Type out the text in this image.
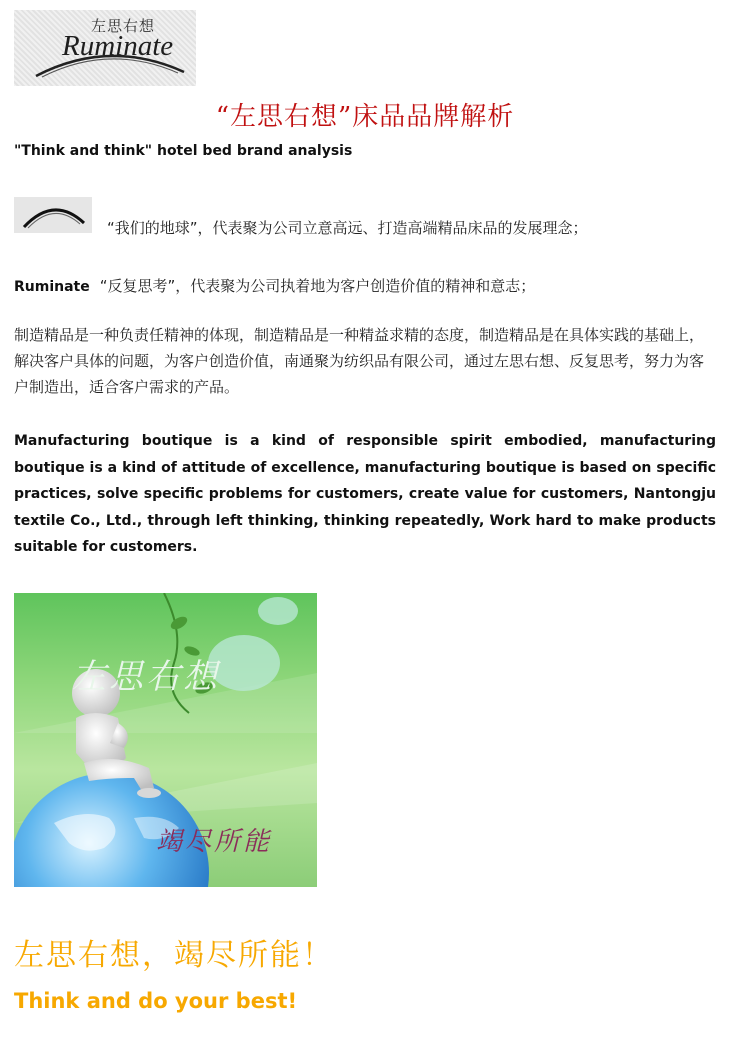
左思右想
Ruminate
“左思右想”床品品牌解析
"Think and think" hotel bed brand analysis
“我们的地球”，代表聚为公司立意高远、打造高端精品床品的发展理念；
Ruminate “反复思考”，代表聚为公司执着地为客户创造价值的精神和意志；
制造精品是一种负责任精神的体现，制造精品是一种精益求精的态度，制造精品是在具体实践的基础上，解决客户具体的问题，为客户创造价值，南通聚为纺织品有限公司，通过左思右想、反复思考，努力为客户制造出，适合客户需求的产品。
Manufacturing boutique is a kind of responsible spirit embodied, manufacturing boutique is a kind of attitude of excellence, manufacturing boutique is based on specific practices, solve specific problems for customers, create value for customers, Nantongju textile Co., Ltd., through left thinking, thinking repeatedly, Work hard to make products suitable for customers.
左思右想
竭尽所能
左思右想，竭尽所能！
Think and do your best!
